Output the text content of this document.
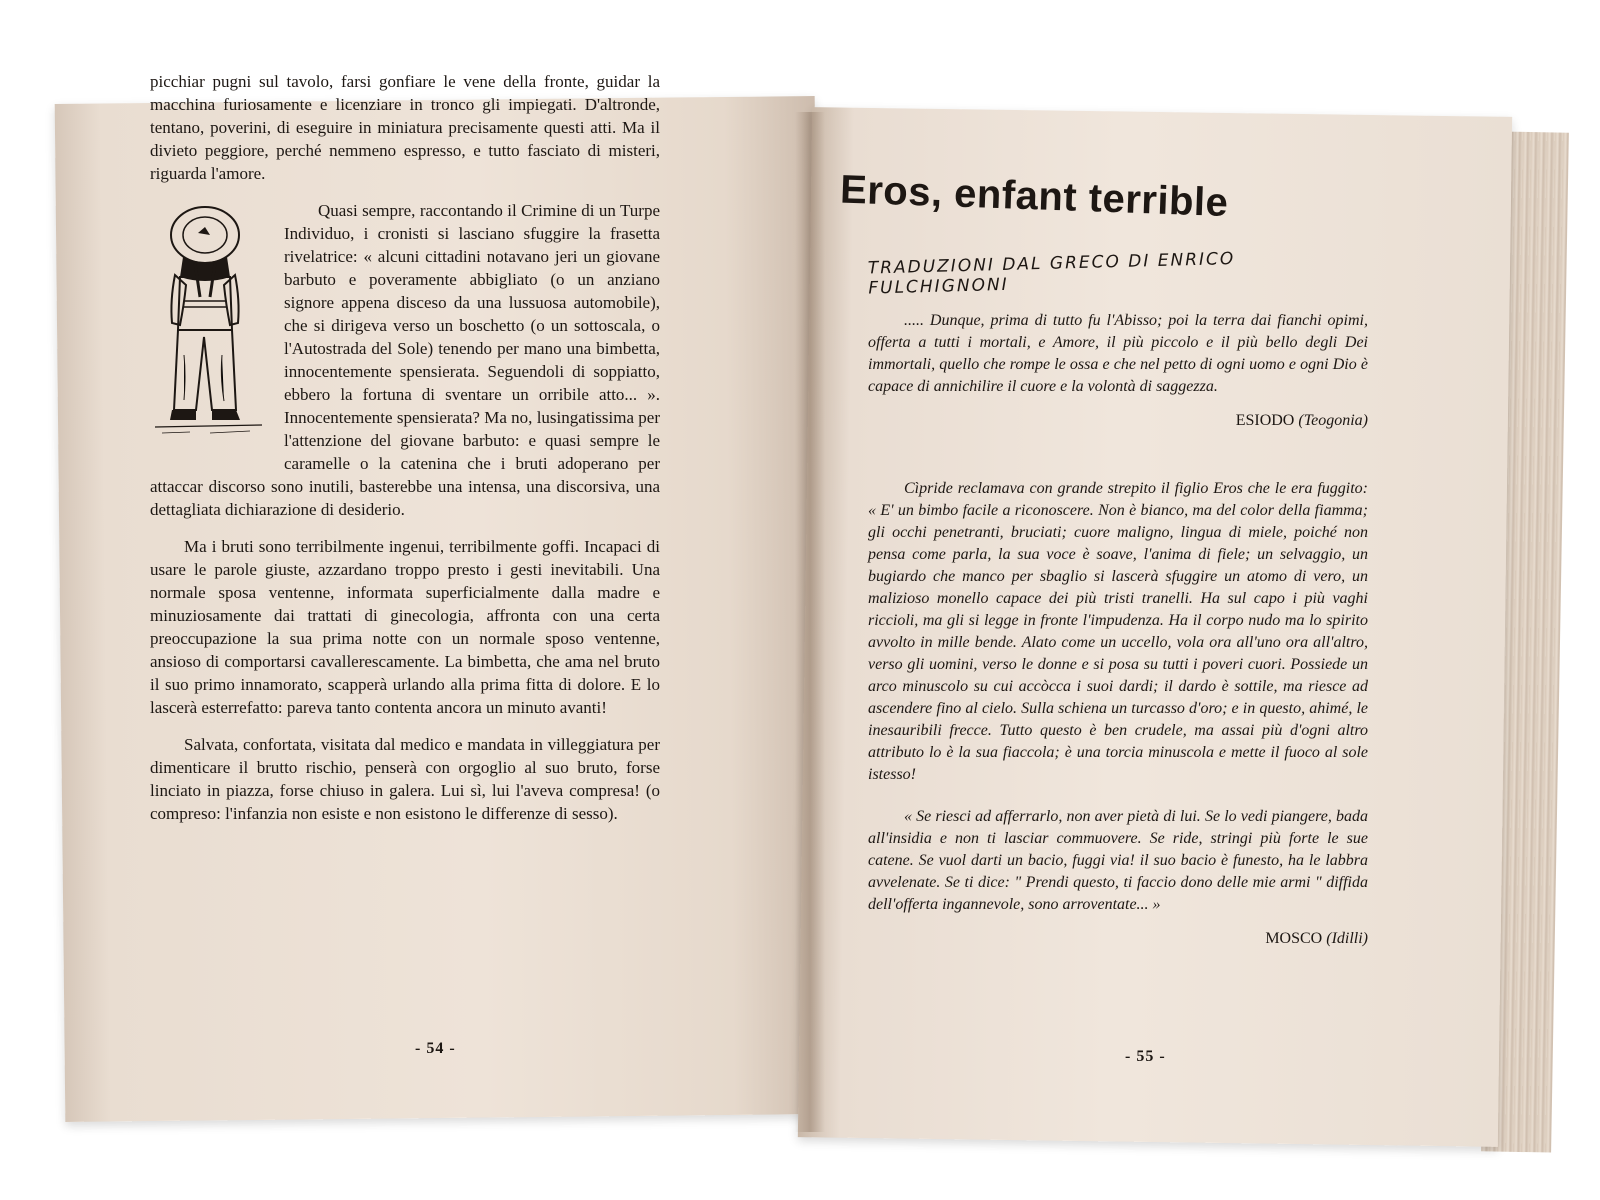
picchiar pugni sul tavolo, farsi gonfiare le vene della fronte, guidar la macchina furiosamente e licenziare in tronco gli impiegati. D'altronde, tentano, poverini, di eseguire in miniatura precisamente questi atti. Ma il divieto peggiore, perché nemmeno espresso, e tutto fasciato di misteri, riguarda l'amore.

Quasi sempre, raccontando il Crimine di un Turpe Individuo, i cronisti si lasciano sfuggire la frasetta rivelatrice: « alcuni cittadini notavano jeri un giovane barbuto e poveramente abbigliato (o un anziano signore appena disceso da una lussuosa automobile), che si dirigeva verso un boschetto (o un sottoscala, o l'Autostrada del Sole) tenendo per mano una bimbetta, innocentemente spensierata. Seguendoli di soppiatto, ebbero la fortuna di sventare un orribile atto... ». Innocentemente spensierata? Ma no, lusingatissima per l'attenzione del giovane barbuto: e quasi sempre le caramelle o la catenina che i bruti adoperano per attaccar discorso sono inutili, basterebbe una intensa, una discorsiva, una dettagliata dichiarazione di desiderio.

Ma i bruti sono terribilmente ingenui, terribilmente goffi. Incapaci di usare le parole giuste, azzardano troppo presto i gesti inevitabili. Una normale sposa ventenne, informata superficialmente dalla madre e minuziosamente dai trattati di ginecologia, affronta con una certa preoccupazione la sua prima notte con un normale sposo ventenne, ansioso di comportarsi cavallerescamente. La bimbetta, che ama nel bruto il suo primo innamorato, scapperà urlando alla prima fitta di dolore. E lo lascerà esterrefatto: pareva tanto contenta ancora un minuto avanti!

Salvata, confortata, visitata dal medico e mandata in villeggiatura per dimenticare il brutto rischio, penserà con orgoglio al suo bruto, forse linciato in piazza, forse chiuso in galera. Lui sì, lui l'aveva compresa! (o compreso: l'infanzia non esiste e non esistono le differenze di sesso).

- 54 -
Eros, enfant terrible
TRADUZIONI DAL GRECO DI ENRICO FULCHIGNONI

..... Dunque, prima di tutto fu l'Abisso; poi la terra dai fianchi opimi, offerta a tutti i mortali, e Amore, il più piccolo e il più bello degli Dei immortali, quello che rompe le ossa e che nel petto di ogni uomo e ogni Dio è capace di annichilire il cuore e la volontà di saggezza.

ESIODO (Teogonia)

Cìpride reclamava con grande strepito il figlio Eros che le era fuggito: « E' un bimbo facile a riconoscere. Non è bianco, ma del color della fiamma; gli occhi penetranti, bruciati; cuore maligno, lingua di miele, poiché non pensa come parla, la sua voce è soave, l'anima di fiele; un selvaggio, un bugiardo che manco per sbaglio si lascerà sfuggire un atomo di vero, un malizioso monello capace dei più tristi tranelli. Ha sul capo i più vaghi riccioli, ma gli si legge in fronte l'impudenza. Ha il corpo nudo ma lo spirito avvolto in mille bende. Alato come un uccello, vola ora all'uno ora all'altro, verso gli uomini, verso le donne e si posa su tutti i poveri cuori. Possiede un arco minuscolo su cui accòcca i suoi dardi; il dardo è sottile, ma riesce ad ascendere fino al cielo. Sulla schiena un turcasso d'oro; e in questo, ahimé, le inesauribili frecce. Tutto questo è ben crudele, ma assai più d'ogni altro attributo lo è la sua fiaccola; è una torcia minuscola e mette il fuoco al sole istesso!

« Se riesci ad afferrarlo, non aver pietà di lui. Se lo vedi piangere, bada all'insidia e non ti lasciar commuovere. Se ride, stringi più forte le sue catene. Se vuol darti un bacio, fuggi via! il suo bacio è funesto, ha le labbra avvelenate. Se ti dice: " Prendi questo, ti faccio dono delle mie armi " diffida dell'offerta ingannevole, sono arroventate... »

MOSCO (Idilli)
- 55 -
